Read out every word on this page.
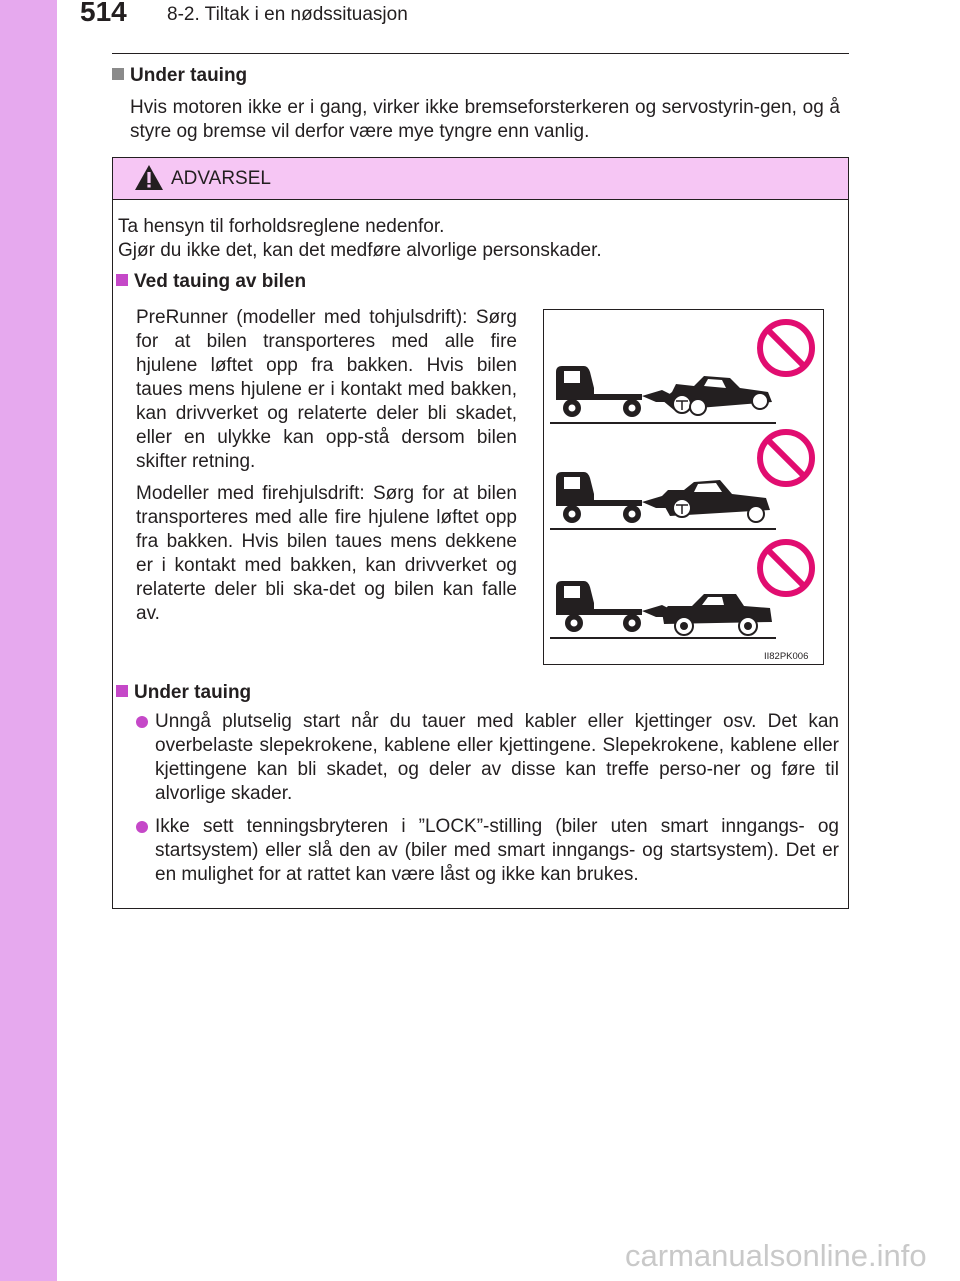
514 8-2. Tiltak i en nødssituasjon
Under tauing

Hvis motoren ikke er i gang, virker ikke bremseforsterkeren og servostyrin-gen, og å styre og bremse vil derfor være mye tyngre enn vanlig.

ADVARSEL
Ta hensyn til forholdsreglene nedenfor.
Gjør du ikke det, kan det medføre alvorlige personskader.
Ved tauing av bilen

PreRunner (modeller med tohjulsdrift): Sørg for at bilen transporteres med alle fire hjulene løftet opp fra bakken. Hvis bilen taues mens hjulene er i kontakt med bakken, kan drivverket og relaterte deler bli skadet, eller en ulykke kan opp-stå dersom bilen skifter retning.

Modeller med firehjulsdrift: Sørg for at bilen transporteres med alle fire hjulene løftet opp fra bakken. Hvis bilen taues mens dekkene er i kontakt med bakken, kan drivverket og relaterte deler bli ska-det og bilen kan falle av.

II82PK006
Under tauing

Unngå plutselig start når du tauer med kabler eller kjettinger osv. Det kan overbelaste slepekrokene, kablene eller kjettingene. Slepekrokene, kablene eller kjettingene kan bli skadet, og deler av disse kan treffe perso-ner og føre til alvorlige skader.

Ikke sett tenningsbryteren i ”LOCK”-stilling (biler uten smart inngangs- og startsystem) eller slå den av (biler med smart inngangs- og startsystem). Det er en mulighet for at rattet kan være låst og ikke kan brukes.

carmanualsonline.info
